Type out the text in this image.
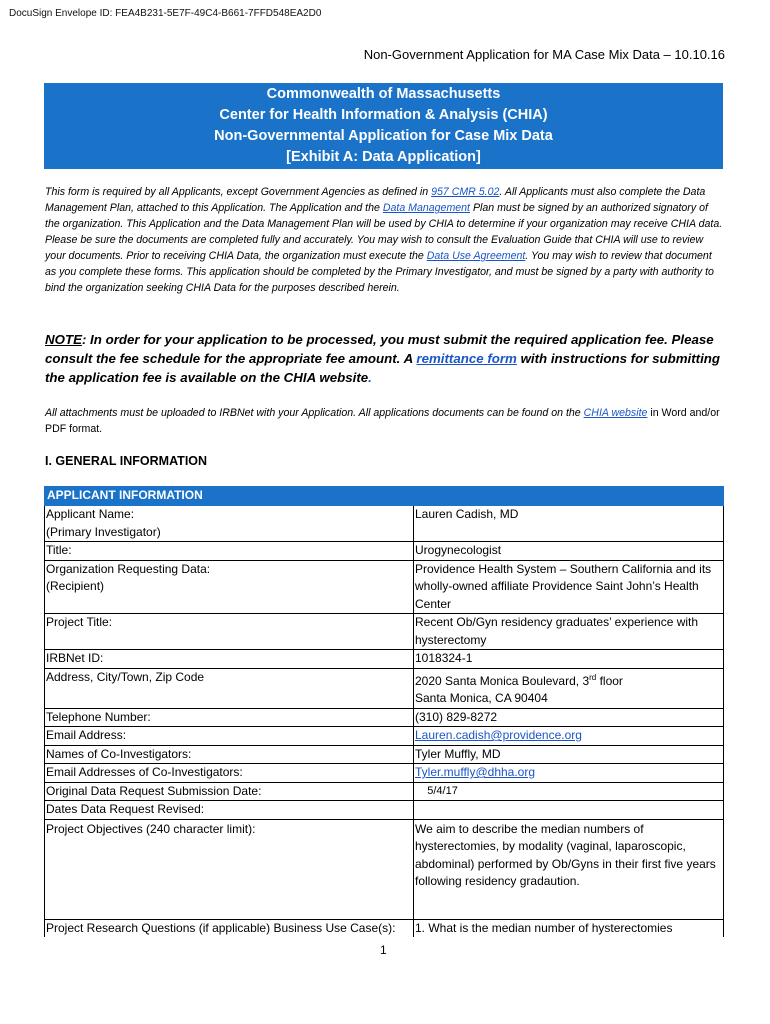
DocuSign Envelope ID: FEA4B231-5E7F-49C4-B661-7FFD548EA2D0
Non-Government Application for MA Case Mix Data – 10.10.16
Commonwealth of Massachusetts
Center for Health Information & Analysis (CHIA)
Non-Governmental Application for Case Mix Data
[Exhibit A: Data Application]
This form is required by all Applicants, except Government Agencies as defined in 957 CMR 5.02. All Applicants must also complete the Data Management Plan, attached to this Application. The Application and the Data Management Plan must be signed by an authorized signatory of the organization. This Application and the Data Management Plan will be used by CHIA to determine if your organization may receive CHIA data. Please be sure the documents are completed fully and accurately. You may wish to consult the Evaluation Guide that CHIA will use to review your documents. Prior to receiving CHIA Data, the organization must execute the Data Use Agreement. You may wish to review that document as you complete these forms. This application should be completed by the Primary Investigator, and must be signed by a party with authority to bind the organization seeking CHIA Data for the purposes described herein.
NOTE: In order for your application to be processed, you must submit the required application fee. Please consult the fee schedule for the appropriate fee amount. A remittance form with instructions for submitting the application fee is available on the CHIA website.
All attachments must be uploaded to IRBNet with your Application. All applications documents can be found on the CHIA website in Word and/or PDF format.
I. GENERAL INFORMATION
APPLICANT INFORMATION	
Applicant Name:
(Primary Investigator)	Lauren Cadish, MD
Title:	Urogynecologist
Organization Requesting Data:
(Recipient)	Providence Health System – Southern California and its wholly-owned affiliate Providence Saint John’s Health Center
Project Title:	Recent Ob/Gyn residency graduates’ experience with hysterectomy
IRBNet ID:	1018324-1
Address, City/Town, Zip Code	2020 Santa Monica Boulevard, 3rd floor
Santa Monica, CA 90404

Telephone Number:	(310) 829-8272
Email Address:	Lauren.cadish@providence.org
Names of Co-Investigators:	Tyler Muffly, MD
Email Addresses of Co-Investigators:	Tyler.muffly@dhha.org
Original Data Request Submission Date:	5/4/17
Dates Data Request Revised:	
Project Objectives (240 character limit):	We aim to describe the median numbers of hysterectomies, by modality (vaginal, laparoscopic, abdominal) performed by Ob/Gyns in their first five years following residency gradaution.
Project Research Questions (if applicable) Business Use Case(s):	1. What is the median number of hysterectomies
1
